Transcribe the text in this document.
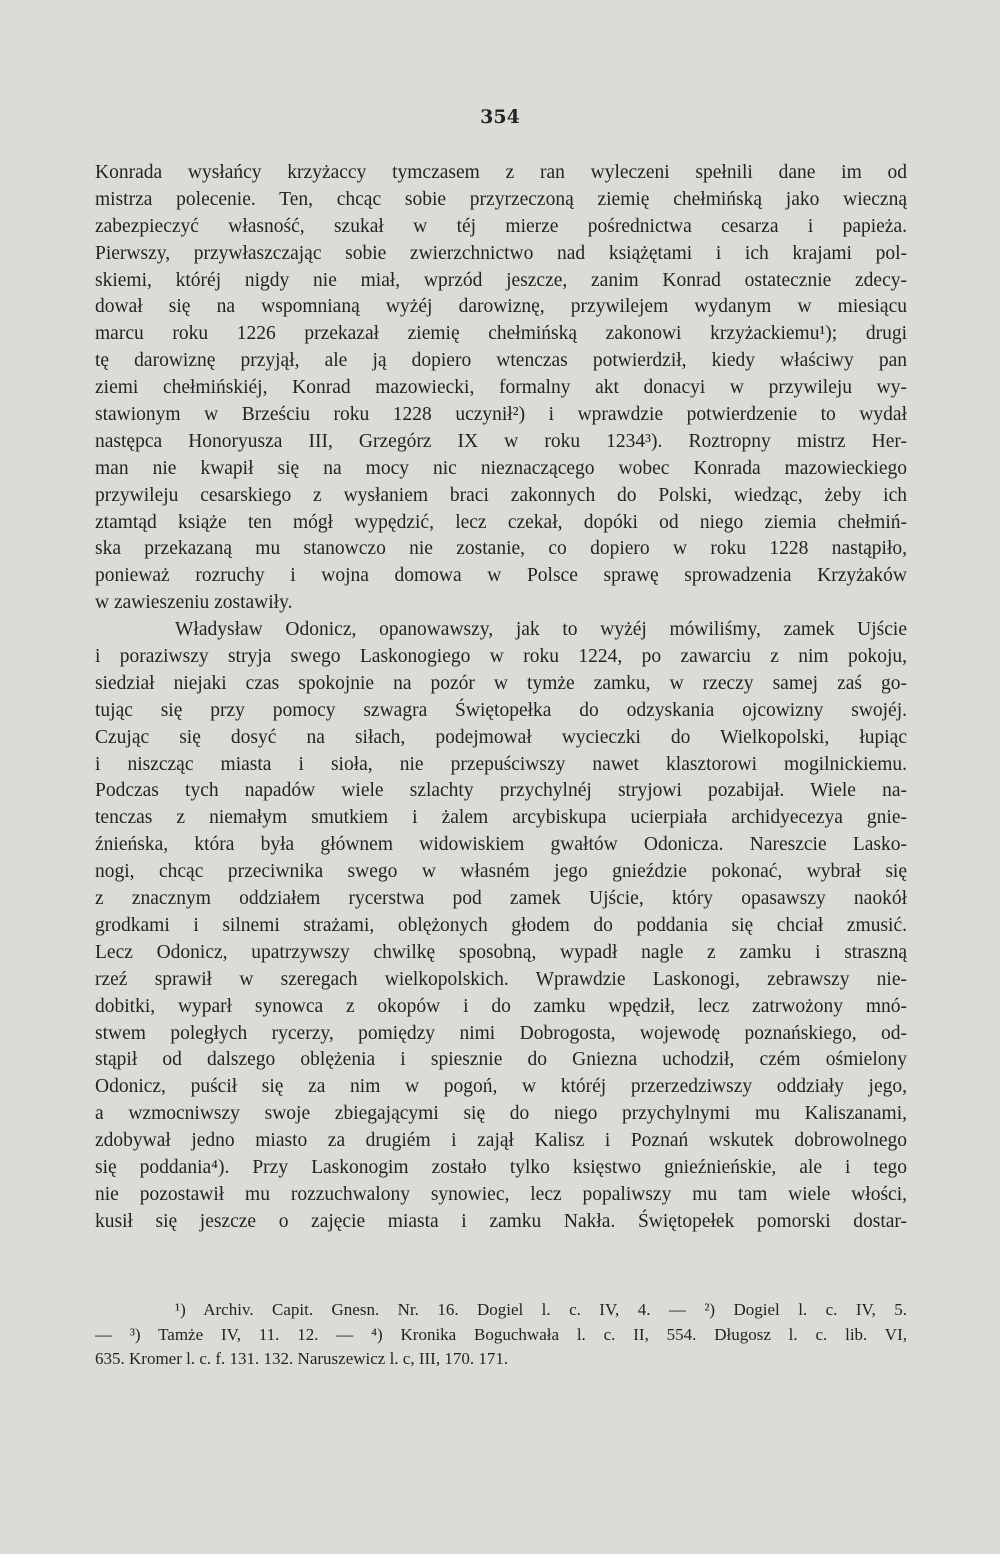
354
Konrada wysłańcy krzyżaccy tymczasem z ran wyleczeni spełnili dane im od
mistrza polecenie. Ten, chcąc sobie przyrzeczoną ziemię chełmińską jako wieczną
zabezpieczyć własność, szukał w téj mierze pośrednictwa cesarza i papieża.
Pierwszy, przywłaszczając sobie zwierzchnictwo nad książętami i ich krajami pol-
skiemi, któréj nigdy nie miał, wprzód jeszcze, zanim Konrad ostatecznie zdecy-
dował się na wspomnianą wyżéj darowiznę, przywilejem wydanym w miesiącu
marcu roku 1226 przekazał ziemię chełmińską zakonowi krzyżackiemu¹); drugi
tę darowiznę przyjął, ale ją dopiero wtenczas potwierdził, kiedy właściwy pan
ziemi chełmińskiéj, Konrad mazowiecki, formalny akt donacyi w przywileju wy-
stawionym w Brześciu roku 1228 uczynił²) i wprawdzie potwierdzenie to wydał
następca Honoryusza III, Grzegórz IX w roku 1234³). Roztropny mistrz Her-
man nie kwapił się na mocy nic nieznaczącego wobec Konrada mazowieckiego
przywileju cesarskiego z wysłaniem braci zakonnych do Polski, wiedząc, żeby ich
ztamtąd książe ten mógł wypędzić, lecz czekał, dopóki od niego ziemia chełmiń-
ska przekazaną mu stanowczo nie zostanie, co dopiero w roku 1228 nastąpiło,
ponieważ rozruchy i wojna domowa w Polsce sprawę sprowadzenia Krzyżaków
w zawieszeniu zostawiły.
Władysław Odonicz, opanowawszy, jak to wyżéj mówiliśmy, zamek Ujście
i poraziwszy stryja swego Laskonogiego w roku 1224, po zawarciu z nim pokoju,
siedział niejaki czas spokojnie na pozór w tymże zamku, w rzeczy samej zaś go-
tując się przy pomocy szwagra Świętopełka do odzyskania ojcowizny swojéj.
Czując się dosyć na siłach, podejmował wycieczki do Wielkopolski, łupiąc
i niszcząc miasta i sioła, nie przepuściwszy nawet klasztorowi mogilnickiemu.
Podczas tych napadów wiele szlachty przychylnéj stryjowi pozabijał. Wiele na-
tenczas z niemałym smutkiem i żalem arcybiskupa ucierpiała archidyecezya gnie-
źnieńska, która była głównem widowiskiem gwałtów Odonicza. Nareszcie Lasko-
nogi, chcąc przeciwnika swego w własném jego gnieździe pokonać, wybrał się
z znacznym oddziałem rycerstwa pod zamek Ujście, który opasawszy naokół
grodkami i silnemi strażami, oblężonych głodem do poddania się chciał zmusić.
Lecz Odonicz, upatrzywszy chwilkę sposobną, wypadł nagle z zamku i straszną
rzeź sprawił w szeregach wielkopolskich. Wprawdzie Laskonogi, zebrawszy nie-
dobitki, wyparł synowca z okopów i do zamku wpędził, lecz zatrwożony mnó-
stwem poległych rycerzy, pomiędzy nimi Dobrogosta, wojewodę poznańskiego, od-
stąpił od dalszego oblężenia i spiesznie do Gniezna uchodził, czém ośmielony
Odonicz, puścił się za nim w pogoń, w któréj przerzedziwszy oddziały jego,
a wzmocniwszy swoje zbiegającymi się do niego przychylnymi mu Kaliszanami,
zdobywał jedno miasto za drugiém i zajął Kalisz i Poznań wskutek dobrowolnego
się poddania⁴). Przy Laskonogim zostało tylko księstwo gnieźnieńskie, ale i tego
nie pozostawił mu rozzuchwalony synowiec, lecz popaliwszy mu tam wiele włości,
kusił się jeszcze o zajęcie miasta i zamku Nakła. Świętopełek pomorski dostar-
¹) Archiv. Capit. Gnesn. Nr. 16. Dogiel l. c. IV, 4. — ²) Dogiel l. c. IV, 5.
— ³) Tamże IV, 11. 12. — ⁴) Kronika Boguchwała l. c. II, 554. Długosz l. c. lib. VI,
635. Kromer l. c. f. 131. 132. Naruszewicz l. c, III, 170. 171.
